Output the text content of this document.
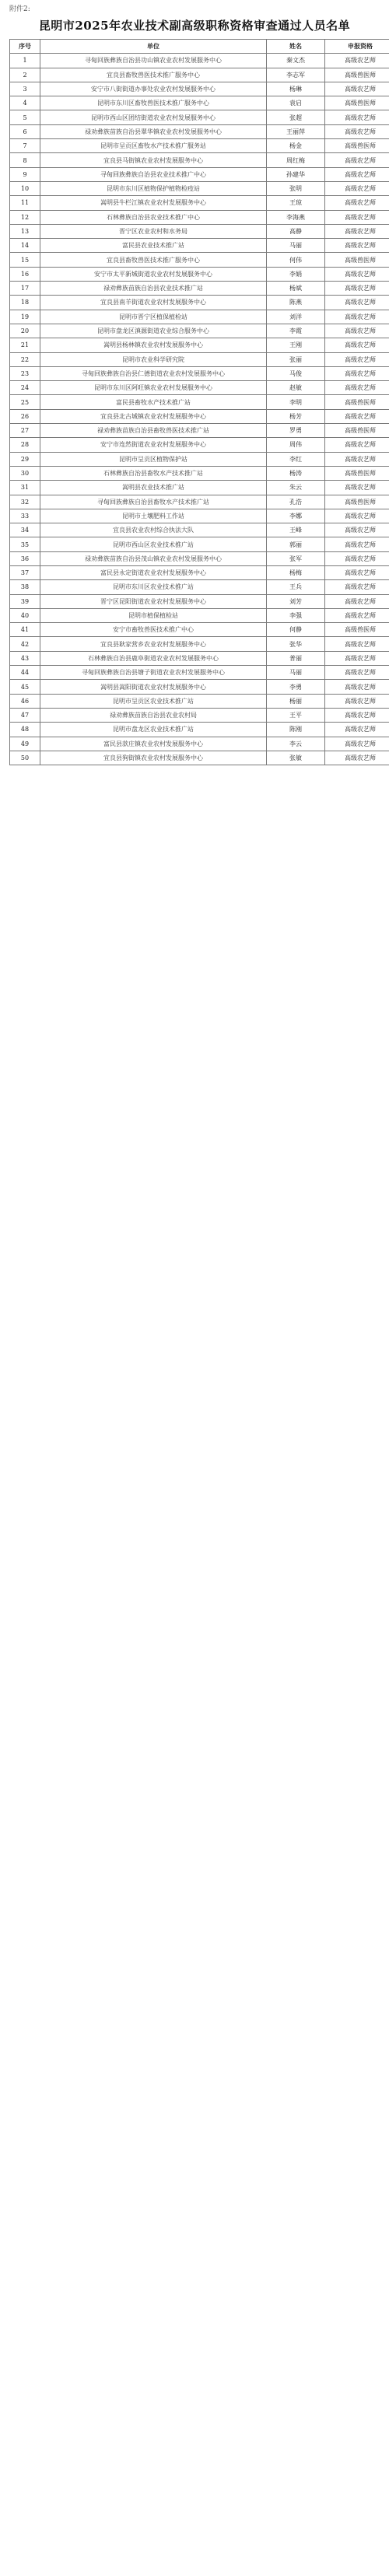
附件2:
昆明市2025年农业技术副高级职称资格审查通过人员名单
序号	单位	姓名	申报资格
1	寻甸回族彝族自治县功山镇农业农村发展服务中心	秦文杰	高级农艺师
2	宜良县畜牧兽医技术推广服务中心	李志军	高级兽医师
3	安宁市八街街道办事处农业农村发展服务中心	杨琳	高级农艺师
4	昆明市东川区畜牧兽医技术推广服务中心	袁启	高级兽医师
5	昆明市西山区团结街道农业农村发展服务中心	张超	高级农艺师
6	禄劝彝族苗族自治县翠华镇农业农村发展服务中心	王丽萍	高级农艺师
7	昆明市呈贡区畜牧水产技术推广服务站	杨金	高级兽医师
8	宜良县马街镇农业农村发展服务中心	周红梅	高级农艺师
9	寻甸回族彝族自治县农业技术推广中心	孙建华	高级农艺师
10	昆明市东川区植物保护植物检疫站	张明	高级农艺师
11	嵩明县牛栏江镇农业农村发展服务中心	王琼	高级农艺师
12	石林彝族自治县农业技术推广中心	李海燕	高级农艺师
13	晋宁区农业农村和水务局	高静	高级农艺师
14	富民县农业技术推广站	马丽	高级农艺师
15	宜良县畜牧兽医技术推广服务中心	何伟	高级兽医师
16	安宁市太平新城街道农业农村发展服务中心	李娟	高级农艺师
17	禄劝彝族苗族自治县农业技术推广站	杨斌	高级农艺师
18	宜良县南羊街道农业农村发展服务中心	陈燕	高级农艺师
19	昆明市晋宁区植保植检站	刘洋	高级农艺师
20	昆明市盘龙区滇源街道农业综合服务中心	李霞	高级农艺师
21	嵩明县杨林镇农业农村发展服务中心	王刚	高级农艺师
22	昆明市农业科学研究院	张丽	高级农艺师
23	寻甸回族彝族自治县仁德街道农业农村发展服务中心	马俊	高级农艺师
24	昆明市东川区阿旺镇农业农村发展服务中心	赵敏	高级农艺师
25	富民县畜牧水产技术推广站	李明	高级兽医师
26	宜良县北古城镇农业农村发展服务中心	杨芳	高级农艺师
27	禄劝彝族苗族自治县畜牧兽医技术推广站	罗勇	高级兽医师
28	安宁市连然街道农业农村发展服务中心	周伟	高级农艺师
29	昆明市呈贡区植物保护站	李红	高级农艺师
30	石林彝族自治县畜牧水产技术推广站	杨涛	高级兽医师
31	嵩明县农业技术推广站	朱云	高级农艺师
32	寻甸回族彝族自治县畜牧水产技术推广站	孔浩	高级兽医师
33	昆明市土壤肥料工作站	李娜	高级农艺师
34	宜良县农业农村综合执法大队	王峰	高级农艺师
35	昆明市西山区农业技术推广站	郭丽	高级农艺师
36	禄劝彝族苗族自治县茂山镇农业农村发展服务中心	张军	高级农艺师
37	富民县永定街道农业农村发展服务中心	杨梅	高级农艺师
38	昆明市东川区农业技术推广站	王兵	高级农艺师
39	晋宁区昆阳街道农业农村发展服务中心	刘芳	高级农艺师
40	昆明市植保植检站	李强	高级农艺师
41	安宁市畜牧兽医技术推广中心	何静	高级兽医师
42	宜良县耿家营乡农业农村发展服务中心	张华	高级农艺师
43	石林彝族自治县鹿阜街道农业农村发展服务中心	普丽	高级农艺师
44	寻甸回族彝族自治县塘子街道农业农村发展服务中心	马丽	高级农艺师
45	嵩明县嵩阳街道农业农村发展服务中心	李勇	高级农艺师
46	昆明市呈贡区农业技术推广站	杨丽	高级农艺师
47	禄劝彝族苗族自治县农业农村局	王平	高级农艺师
48	昆明市盘龙区农业技术推广站	陈刚	高级农艺师
49	富民县款庄镇农业农村发展服务中心	李云	高级农艺师
50	宜良县狗街镇农业农村发展服务中心	张敏	高级农艺师
